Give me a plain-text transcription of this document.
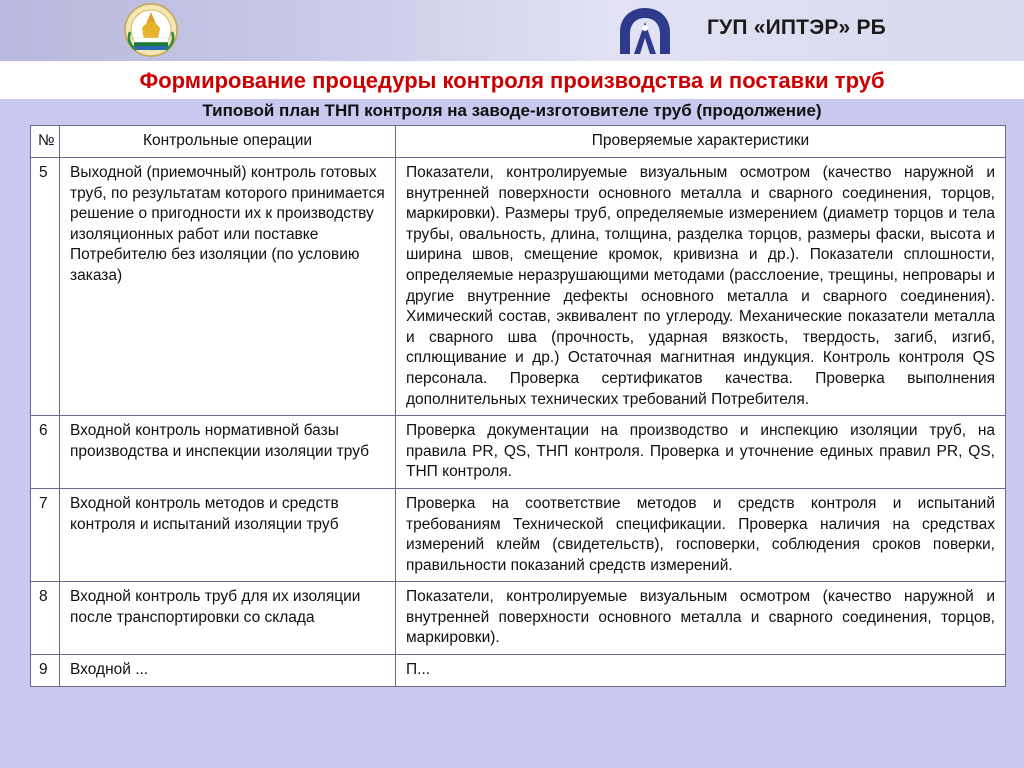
ГУП «ИПТЭР» РБ
Формирование процедуры контроля производства и поставки труб
Типовой план ТНП контроля на заводе-изготовителе труб (продолжение)
№	Контрольные операции	Проверяемые характеристики
5	Выходной (приемочный) контроль готовых труб, по результатам которого принимается решение о пригодности их к производству изоляционных работ или поставке Потребителю без изоляции (по условию заказа)	Показатели, контролируемые визуальным осмотром (качество наружной и внутренней поверхности основного металла и сварного соединения, торцов, маркировки). Размеры труб, определяемые измерением (диаметр торцов и тела трубы, овальность, длина, толщина, разделка торцов, размеры фаски, высота и ширина швов, смещение кромок, кривизна и др.). Показатели сплошности, определяемые неразрушающими методами (расслоение, трещины, непровары и другие внутренние дефекты основного металла и сварного соединения). Химический состав, эквивалент по углероду. Механические показатели металла и сварного шва (прочность, ударная вязкость, твердость, загиб, изгиб, сплющивание и др.) Остаточная магнитная индукция. Контроль контроля QS персонала. Проверка сертификатов качества. Проверка выполнения дополнительных технических требований Потребителя.
6	Входной контроль нормативной базы производства и инспекции изоляции труб	Проверка документации на производство и инспекцию изоляции труб, на правила PR, QS, ТНП контроля. Проверка и уточнение единых правил PR, QS, ТНП контроля.
7	Входной контроль методов и средств контроля и испытаний изоляции труб	Проверка на соответствие методов и средств контроля и испытаний требованиям Технической спецификации. Проверка наличия на средствах измерений клейм (свидетельств), госповерки, соблюдения сроков поверки, правильности показаний средств измерений.
8	Входной контроль труб для их изоляции после транспортировки со склада	Показатели, контролируемые визуальным осмотром (качество наружной и внутренней поверхности основного металла и сварного соединения, торцов, маркировки).
9	Входной ...	П...
